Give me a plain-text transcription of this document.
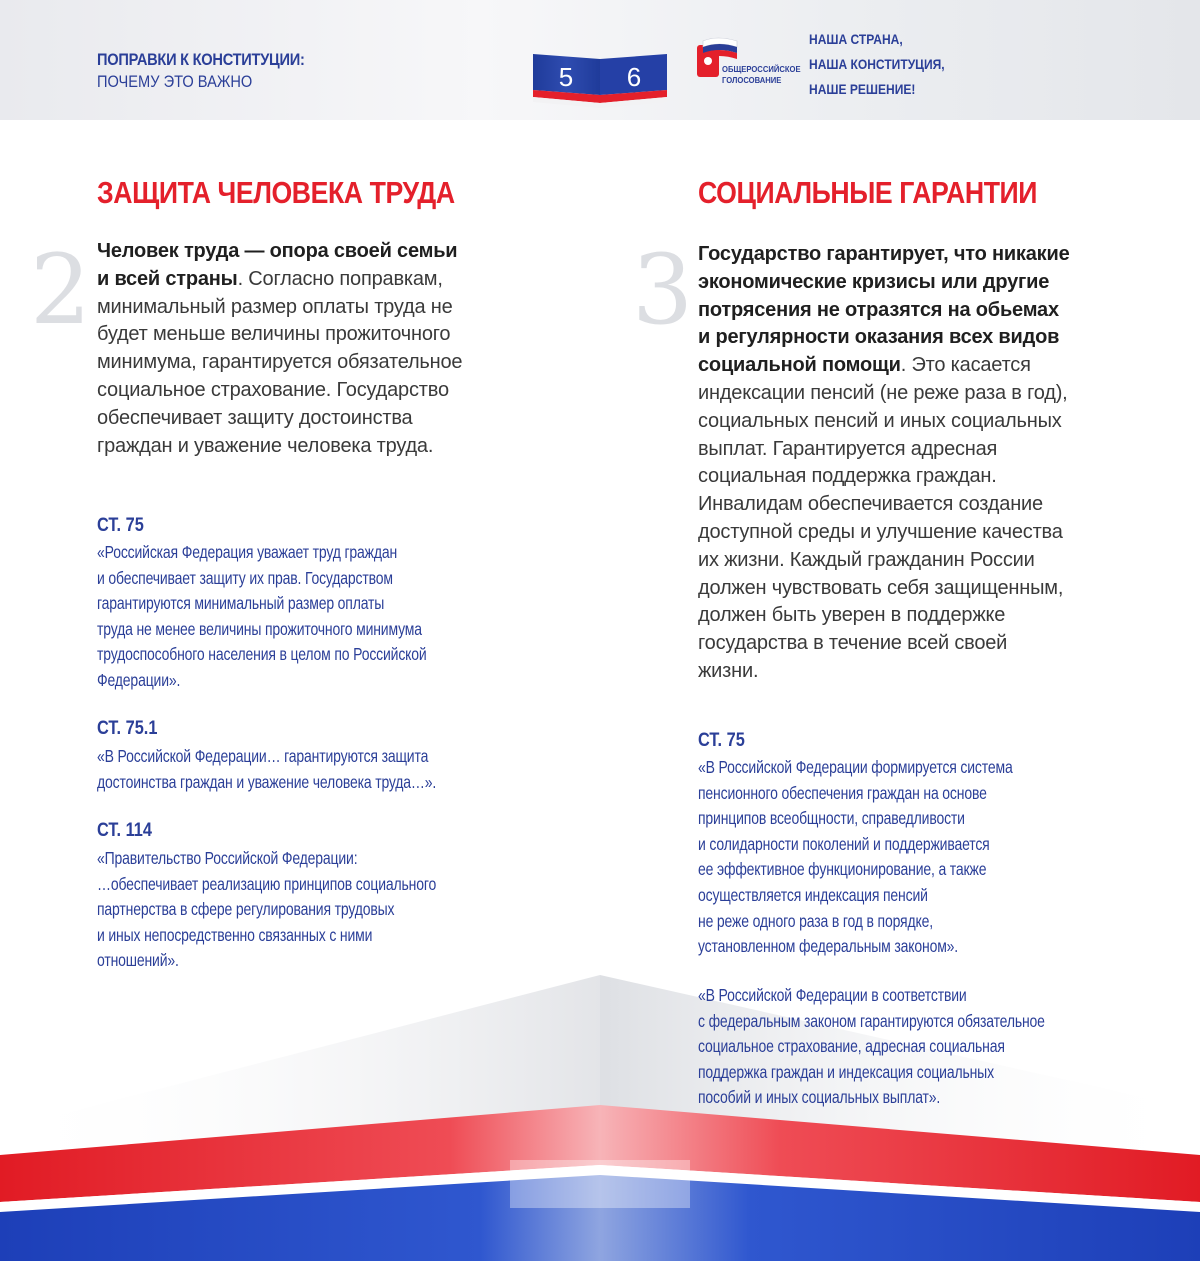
ПОПРАВКИ К КОНСТИТУЦИИ:
ПОЧЕМУ ЭТО ВАЖНО	5 6	ОБЩЕРОССИЙСКОЕ
ГОЛОСОВАНИЕ
НАША СТРАНА,
НАША КОНСТИТУЦИЯ,
НАШЕ РЕШЕНИЕ!
ЗАЩИТА ЧЕЛОВЕКА ТРУДА
2 Человек труда — опора своей семьи
и всей страны. Согласно поправкам,
минимальный размер оплаты труда не
будет меньше величины прожиточного
минимума, гарантируется обязательное
социальное страхование. Государство
обеспечивает защиту достоинства
граждан и уважение человека труда.
СТ. 75
«Российская Федерация уважает труд граждан
и обеспечивает защиту их прав. Государством
гарантируются минимальный размер оплаты
труда не менее величины прожиточного минимума
трудоспособного населения в целом по Российской
Федерации».
СТ. 75.1
«В Российской Федерации… гарантируются защита
достоинства граждан и уважение человека труда…».
СТ. 114
«Правительство Российской Федерации:
…обеспечивает реализацию принципов социального
партнерства в сфере регулирования трудовых
и иных непосредственно связанных с ними
отношений».
СОЦИАЛЬНЫЕ ГАРАНТИИ
3 Государство гарантирует, что никакие
экономические кризисы или другие
потрясения не отразятся на обьемах
и регулярности оказания всех видов
социальной помощи. Это касается
индексации пенсий (не реже раза в год),
социальных пенсий и иных социальных
выплат. Гарантируется адресная
социальная поддержка граждан.
Инвалидам обеспечивается создание
доступной среды и улучшение качества
их жизни. Каждый гражданин России
должен чувствовать себя защищенным,
должен быть уверен в поддержке
государства в течение всей своей
жизни.
СТ. 75
«В Российской Федерации формируется система
пенсионного обеспечения граждан на основе
принципов всеобщности, справедливости
и солидарности поколений и поддерживается
ее эффективное функционирование, а также
осуществляется индексация пенсий
не реже одного раза в год в порядке,
установленном федеральным законом».
«В Российской Федерации в соответствии
с федеральным законом гарантируются обязательное
социальное страхование, адресная социальная
поддержка граждан и индексация социальных
пособий и иных социальных выплат».
